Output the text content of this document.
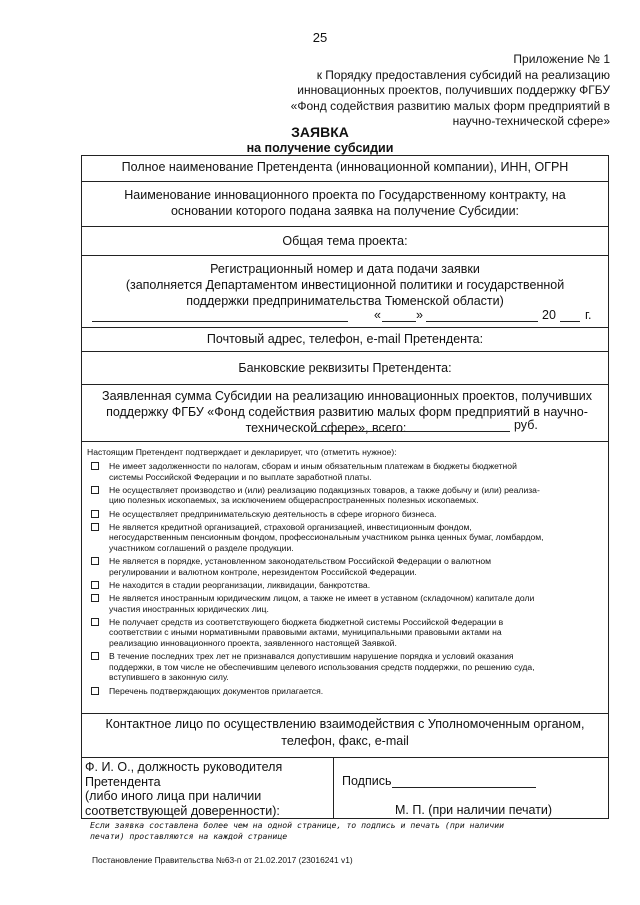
25
Приложение № 1
к Порядку предоставления субсидий на реализацию
инновационных проектов, получивших поддержку ФГБУ
«Фонд содействия развитию малых форм предприятий в
научно-технической сфере»
ЗАЯВКА
на получение субсидии
Полное наименование Претендента (инновационной компании), ИНН, ОГРН
Наименование инновационного проекта по Государственному контракту, на
основании которого подана заявка на получение Субсидии:
Общая тема проекта:
Регистрационный номер и дата подачи заявки
(заполняется Департаментом инвестиционной политики и государственной
поддержки предпринимательства Тюменской области)
«	»	20 г.
Почтовый адрес, телефон, e-mail Претендента:
Банковские реквизиты Претендента:
Заявленная сумма Субсидии на реализацию инновационных проектов, получивших
поддержку ФГБУ «Фонд содействия развитию малых форм предприятий в научно-
технической сфере», всего:	руб.
Настоящим Претендент подтверждает и декларирует, что (отметить нужное):
Не имеет задолженности по налогам, сборам и иным обязательным платежам в бюджеты бюджетной
системы Российской Федерации и по выплате заработной платы.
Не осуществляет производство и (или) реализацию подакцизных товаров, а также добычу и (или) реализа-
цию полезных ископаемых, за исключением общераспространенных полезных ископаемых.
Не осуществляет предпринимательскую деятельность в сфере игорного бизнеса.
Не является кредитной организацией, страховой организацией, инвестиционным фондом,
негосударственным пенсионным фондом, профессиональным участником рынка ценных бумаг, ломбардом,
участником соглашений о разделе продукции.
Не является в порядке, установленном законодательством Российской Федерации о валютном
регулировании и валютном контроле, нерезидентом Российской Федерации.
Не находится в стадии реорганизации, ликвидации, банкротства.
Не является иностранным юридическим лицом, а также не имеет в уставном (складочном) капитале доли
участия иностранных юридических лиц.
Не получает средств из соответствующего бюджета бюджетной системы Российской Федерации в
соответствии с иными нормативными правовыми актами, муниципальными правовыми актами на
реализацию инновационного проекта, заявленного настоящей Заявкой.
В течение последних трех лет не признавался допустившим нарушение порядка и условий оказания
поддержки, в том числе не обеспечившим целевого использования средств поддержки, по решению суда,
вступившего в законную силу.
Перечень подтверждающих документов прилагается.
Контактное лицо по осуществлению взаимодействия с Уполномоченным органом,
телефон, факс, e-mail
Ф. И. О., должность руководителя
Претендента
(либо иного лица при наличии
соответствующей доверенности):
Подпись
М. П. (при наличии печати)
Если заявка составлена более чем на одной странице, то подпись и печать (при наличии
печати) проставляются на каждой странице
Постановление Правительства №63-п от 21.02.2017 (23016241 v1)
